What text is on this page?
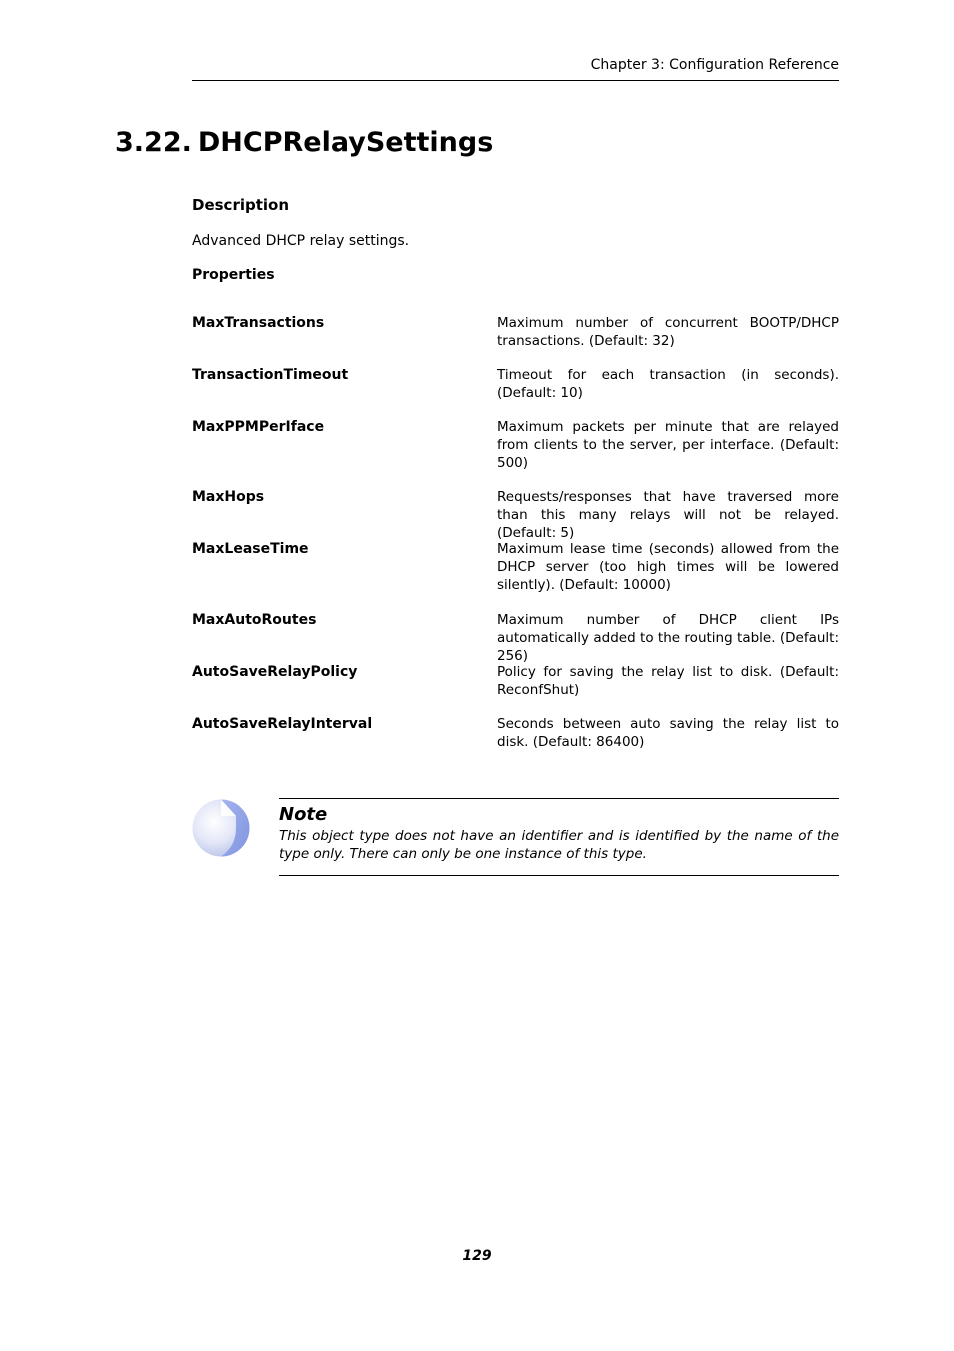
Chapter 3: Configuration Reference
3.22. DHCPRelaySettings
Description

Advanced DHCP relay settings.

Properties
MaxTransactions	Maximum number of concurrent BOOTP/DHCP transactions. (Default: 32)
TransactionTimeout	Timeout for each transaction (in seconds). (Default: 10)
MaxPPMPerIface	Maximum packets per minute that are relayed from clients to the server, per interface. (Default: 500)
MaxHops	Requests/responses that have traversed more than this many relays will not be relayed. (Default: 5)
MaxLeaseTime	Maximum lease time (seconds) allowed from the DHCP server (too high times will be lowered silently). (Default: 10000)
MaxAutoRoutes	Maximum number of DHCP client IPs automatically added to the routing table. (Default: 256)
AutoSaveRelayPolicy	Policy for saving the relay list to disk. (Default: ReconfShut)
AutoSaveRelayInterval	Seconds between auto saving the relay list to disk. (Default: 86400)
Note

This object type does not have an identifier and is identified by the name of the type only. There can only be one instance of this type.

129
